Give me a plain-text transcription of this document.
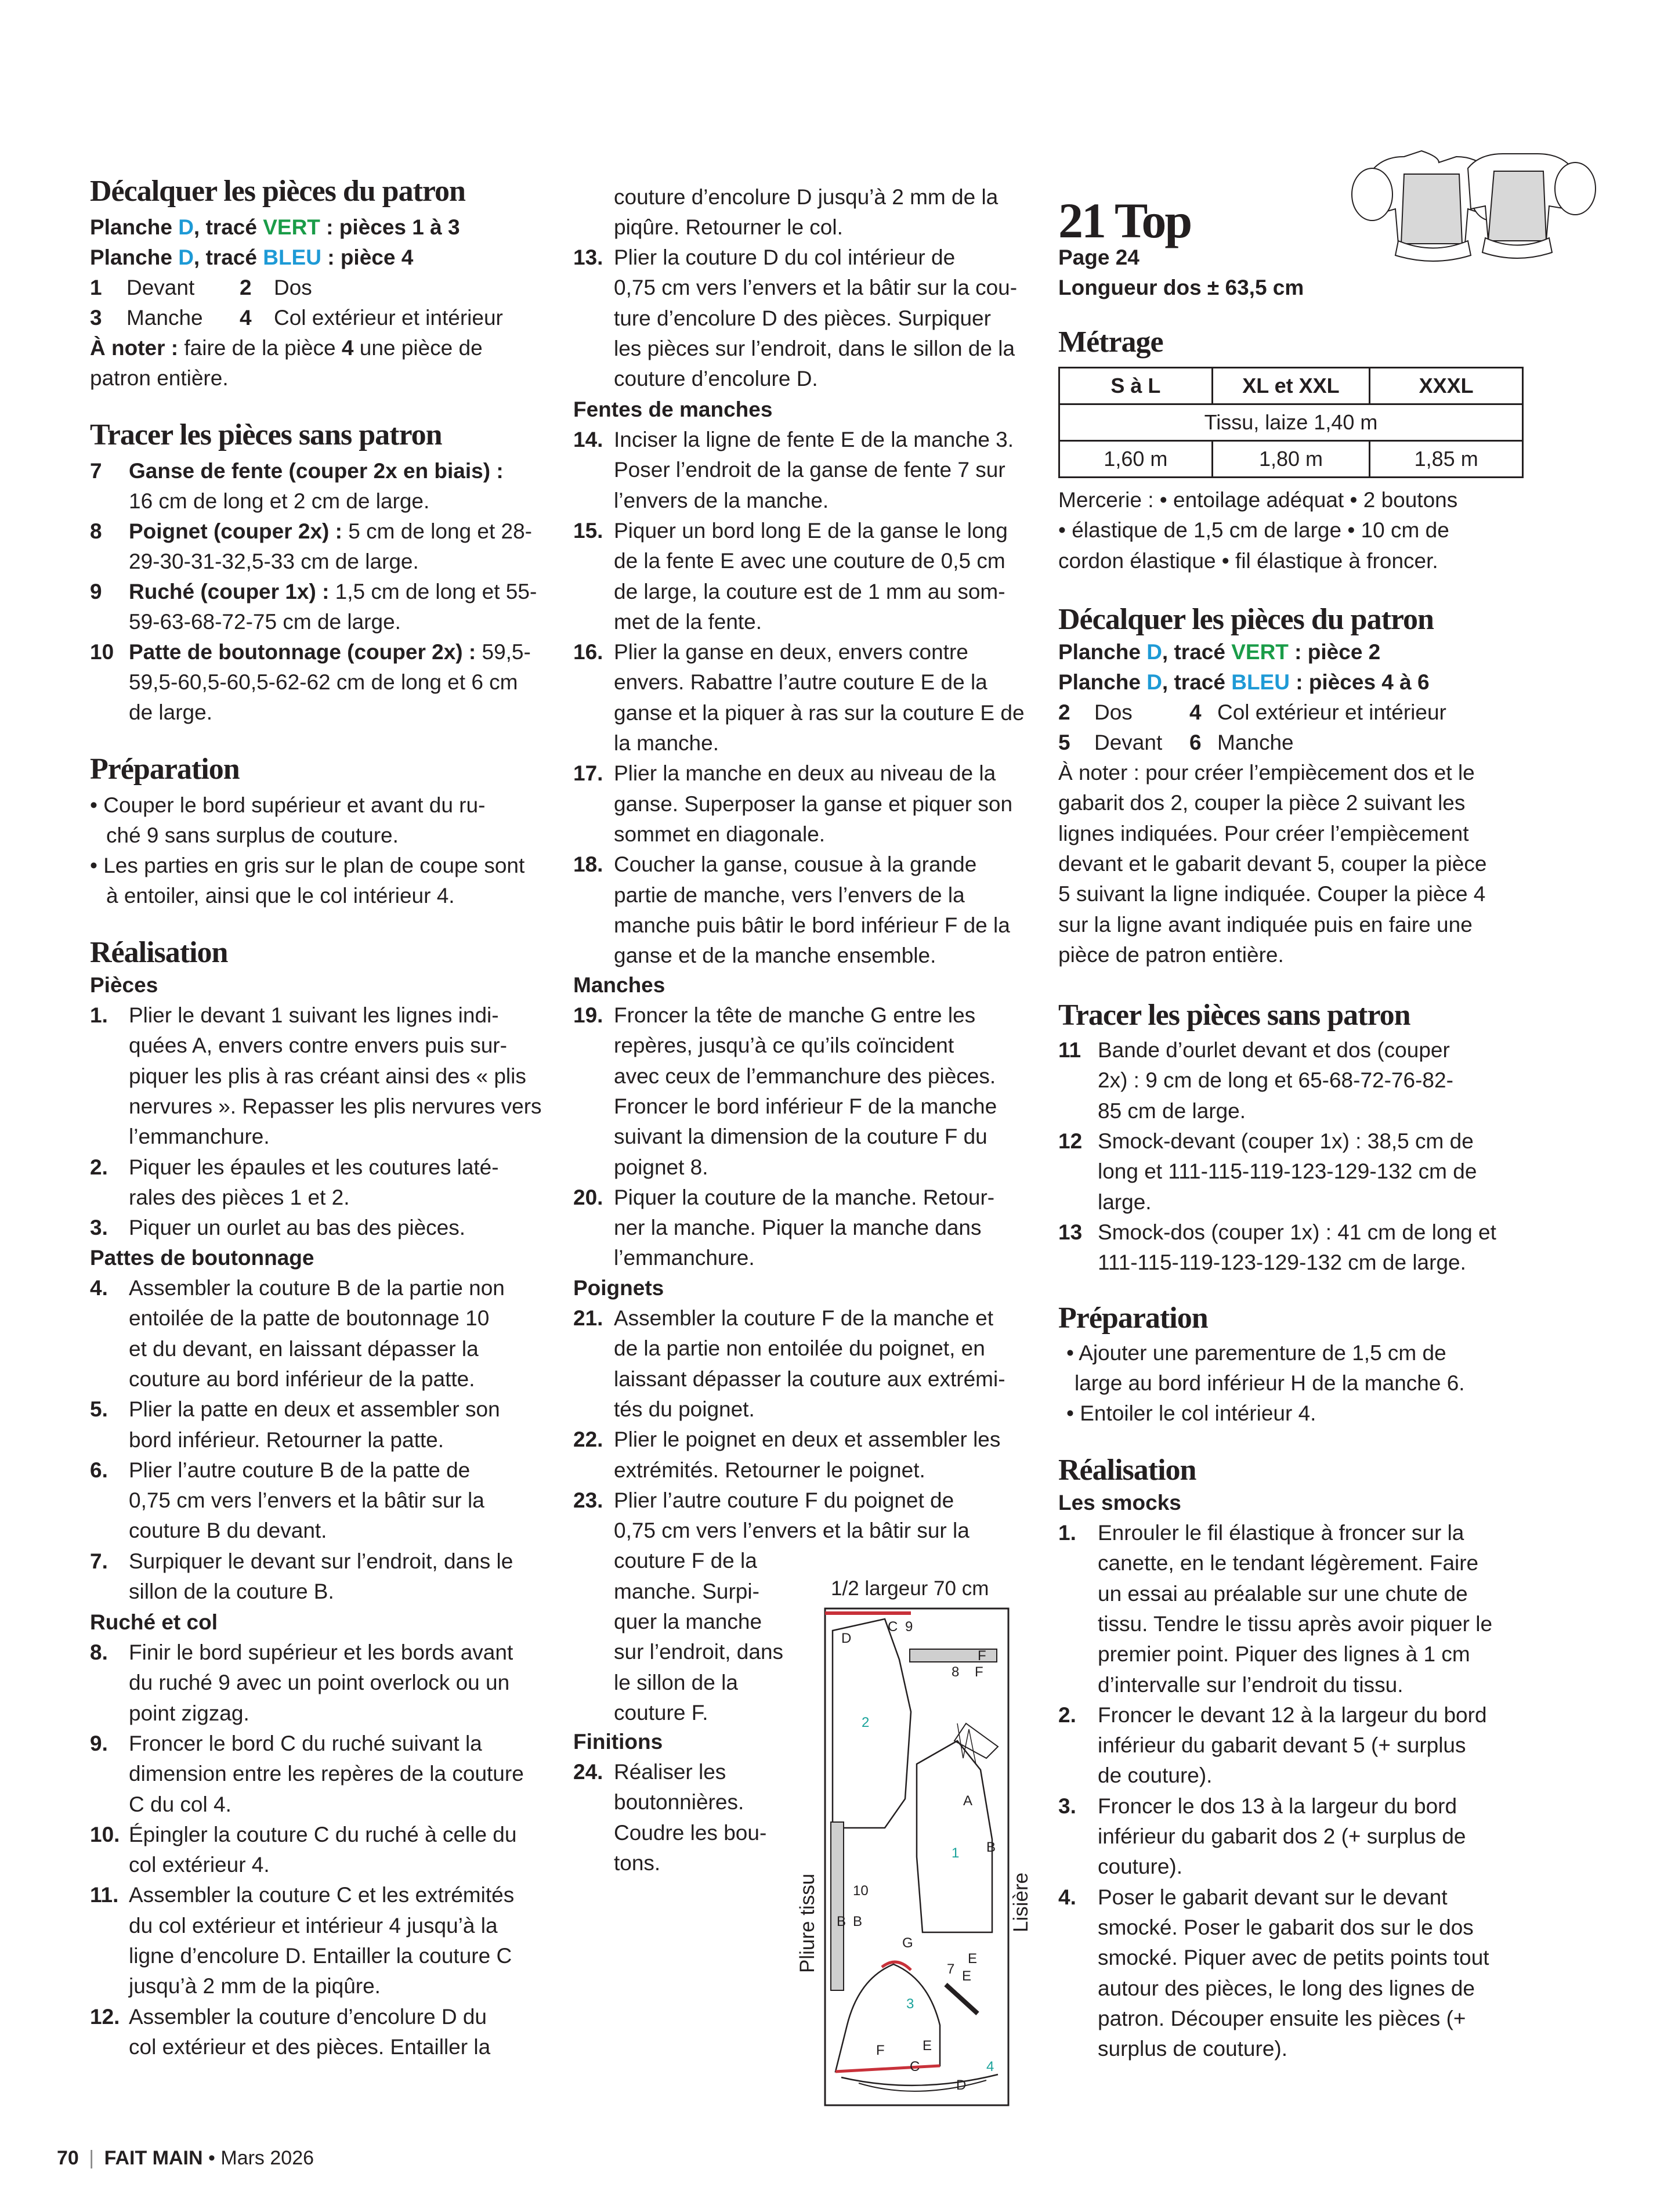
Décalquer les pièces du patron
Planche D, tracé VERT : pièces 1 à 3
Planche D, tracé BLEU : pièce 4
1 Devant 2 Dos
3 Manche 4 Col extérieur et intérieur
À noter : faire de la pièce 4 une pièce de
patron entière.
Tracer les pièces sans patron
7 Ganse de fente (couper 2x en biais) :
16 cm de long et 2 cm de large.
8 Poignet (couper 2x) : 5 cm de long et 28-
29-30-31-32,5-33 cm de large.
9 Ruché (couper 1x) : 1,5 cm de long et 55-
59-63-68-72-75 cm de large.
10 Patte de boutonnage (couper 2x) : 59,5-
59,5-60,5-60,5-62-62 cm de long et 6 cm
de large.
Préparation
• Couper le bord supérieur et avant du ru-
ché 9 sans surplus de couture.
• Les parties en gris sur le plan de coupe sont
à entoiler, ainsi que le col intérieur 4.
Réalisation
Pièces
1. Plier le devant 1 suivant les lignes indi-
quées A, envers contre envers puis sur-
piquer les plis à ras créant ainsi des « plis
nervures ». Repasser les plis nervures vers
l’emmanchure.
2. Piquer les épaules et les coutures laté-
rales des pièces 1 et 2.
3. Piquer un ourlet au bas des pièces.
Pattes de boutonnage
4. Assembler la couture B de la partie non
entoilée de la patte de boutonnage 10
et du devant, en laissant dépasser la
couture au bord inférieur de la patte.
5. Plier la patte en deux et assembler son
bord inférieur. Retourner la patte.
6. Plier l’autre couture B de la patte de
0,75 cm vers l’envers et la bâtir sur la
couture B du devant.
7. Surpiquer le devant sur l’endroit, dans le
sillon de la couture B.
Ruché et col
8. Finir le bord supérieur et les bords avant
du ruché 9 avec un point overlock ou un
point zigzag.
9. Froncer le bord C du ruché suivant la
dimension entre les repères de la couture
C du col 4.
10. Épingler la couture C du ruché à celle du
col extérieur 4.
11. Assembler la couture C et les extrémités
du col extérieur et intérieur 4 jusqu’à la
ligne d’encolure D. Entailler la couture C
jusqu’à 2 mm de la piqûre.
12. Assembler la couture d’encolure D du
col extérieur et des pièces. Entailler la
couture d’encolure D jusqu’à 2 mm de la
piqûre. Retourner le col.
13. Plier la couture D du col intérieur de
0,75 cm vers l’envers et la bâtir sur la cou-
ture d’encolure D des pièces. Surpiquer
les pièces sur l’endroit, dans le sillon de la
couture d’encolure D.
Fentes de manches
14. Inciser la ligne de fente E de la manche 3.
Poser l’endroit de la ganse de fente 7 sur
l’envers de la manche.
15. Piquer un bord long E de la ganse le long
de la fente E avec une couture de 0,5 cm
de large, la couture est de 1 mm au som-
met de la fente.
16. Plier la ganse en deux, envers contre
envers. Rabattre l’autre couture E de la
ganse et la piquer à ras sur la couture E de
la manche.
17. Plier la manche en deux au niveau de la
ganse. Superposer la ganse et piquer son
sommet en diagonale.
18. Coucher la ganse, cousue à la grande
partie de manche, vers l’envers de la
manche puis bâtir le bord inférieur F de la
ganse et de la manche ensemble.
Manches
19. Froncer la tête de manche G entre les
repères, jusqu’à ce qu’ils coïncident
avec ceux de l’emmanchure des pièces.
Froncer le bord inférieur F de la manche
suivant la dimension de la couture F du
poignet 8.
20. Piquer la couture de la manche. Retour-
ner la manche. Piquer la manche dans
l’emmanchure.
Poignets
21. Assembler la couture F de la manche et
de la partie non entoilée du poignet, en
laissant dépasser la couture aux extrémi-
tés du poignet.
22. Plier le poignet en deux et assembler les
extrémités. Retourner le poignet.
23. Plier l’autre couture F du poignet de
0,75 cm vers l’envers et la bâtir sur la
couture F de la
manche. Surpi-
quer la manche
sur l’endroit, dans
le sillon de la
couture F.
Finitions
24. Réaliser les
boutonnières.
Coudre les bou-
tons.
1/2 largeur 70 cm
Pliure tissu	Lisière
D
C 9
F
8 F
2
A
1 B
10
B B
G
7
E
E
3
F	E
C	4
D
21 Top
Page 24
Longueur dos ± 63,5 cm
Métrage
S à L	XL et XXL	XXXL
Tissu, laize 1,40 m		
1,60 m	1,80 m	1,85 m
Mercerie : • entoilage adéquat • 2 boutons
• élastique de 1,5 cm de large • 10 cm de
cordon élastique • fil élastique à froncer.
Décalquer les pièces du patron
Planche D, tracé VERT : pièce 2
Planche D, tracé BLEU : pièces 4 à 6
2 Dos	4 Col extérieur et intérieur
5 Devant 6 Manche
À noter : pour créer l’empiècement dos et le
gabarit dos 2, couper la pièce 2 suivant les
lignes indiquées. Pour créer l’empiècement
devant et le gabarit devant 5, couper la pièce
5 suivant la ligne indiquée. Couper la pièce 4
sur la ligne avant indiquée puis en faire une
pièce de patron entière.
Tracer les pièces sans patron
11 Bande d’ourlet devant et dos (couper
2x) : 9 cm de long et 65-68-72-76-82-
85 cm de large.
12 Smock-devant (couper 1x) : 38,5 cm de
long et 111-115-119-123-129-132 cm de
large.
13 Smock-dos (couper 1x) : 41 cm de long et
111-115-119-123-129-132 cm de large.
Préparation
• Ajouter une parementure de 1,5 cm de
large au bord inférieur H de la manche 6.
• Entoiler le col intérieur 4.
Réalisation
Les smocks
1. Enrouler le fil élastique à froncer sur la
canette, en le tendant légèrement. Faire
un essai au préalable sur une chute de
tissu. Tendre le tissu après avoir piquer le
premier point. Piquer des lignes à 1 cm
d’intervalle sur l’endroit du tissu.
2. Froncer le devant 12 à la largeur du bord
inférieur du gabarit devant 5 (+ surplus
de couture).
3. Froncer le dos 13 à la largeur du bord
inférieur du gabarit dos 2 (+ surplus de
couture).
4. Poser le gabarit devant sur le devant
smocké. Poser le gabarit dos sur le dos
smocké. Piquer avec de petits points tout
autour des pièces, le long des lignes de
patron. Découper ensuite les pièces (+
surplus de couture).
70 | FAIT MAIN • Mars 2026
